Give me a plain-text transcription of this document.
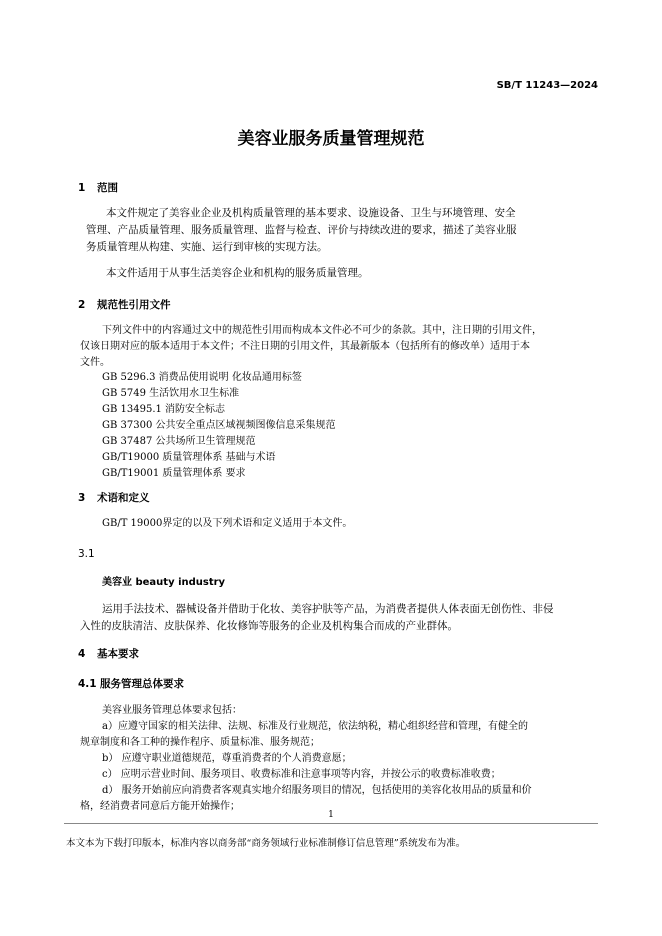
SB/T 11243—2024
美容业服务质量管理规范
1 范围
本文件规定了美容业企业及机构质量管理的基本要求、设施设备、卫生与环境管理、安全
管理、产品质量管理、服务质量管理、监督与检查、评价与持续改进的要求，描述了美容业服
务质量管理从构建、实施、运行到审核的实现方法。
本文件适用于从事生活美容企业和机构的服务质量管理。
2 规范性引用文件
下列文件中的内容通过文中的规范性引用而构成本文件必不可少的条款。其中，注日期的引用文件，
仅该日期对应的版本适用于本文件；不注日期的引用文件，其最新版本（包括所有的修改单）适用于本
文件。
GB 5296.3 消费品使用说明 化妆品通用标签
GB 5749 生活饮用水卫生标准
GB 13495.1 消防安全标志
GB 37300 公共安全重点区域视频图像信息采集规范
GB 37487 公共场所卫生管理规范
GB/T19000 质量管理体系 基础与术语
GB/T19001 质量管理体系 要求
3 术语和定义
GB/T 19000界定的以及下列术语和定义适用于本文件。
3.1
美容业 beauty industry
运用手法技术、器械设备并借助于化妆、美容护肤等产品，为消费者提供人体表面无创伤性、非侵
入性的皮肤清洁、皮肤保养、化妆修饰等服务的企业及机构集合而成的产业群体。
4 基本要求
4.1 服务管理总体要求
美容业服务管理总体要求包括：
a）应遵守国家的相关法律、法规、标准及行业规范，依法纳税，精心组织经营和管理，有健全的
规章制度和各工种的操作程序、质量标准、服务规范；
b） 应遵守职业道德规范，尊重消费者的个人消费意愿；
c） 应明示营业时间、服务项目、收费标准和注意事项等内容，并按公示的收费标准收费；
d） 服务开始前应向消费者客观真实地介绍服务项目的情况，包括使用的美容化妆用品的质量和价
格，经消费者同意后方能开始操作；
1
本文本为下载打印版本，标准内容以商务部“商务领域行业标准制修订信息管理”系统发布为准。
